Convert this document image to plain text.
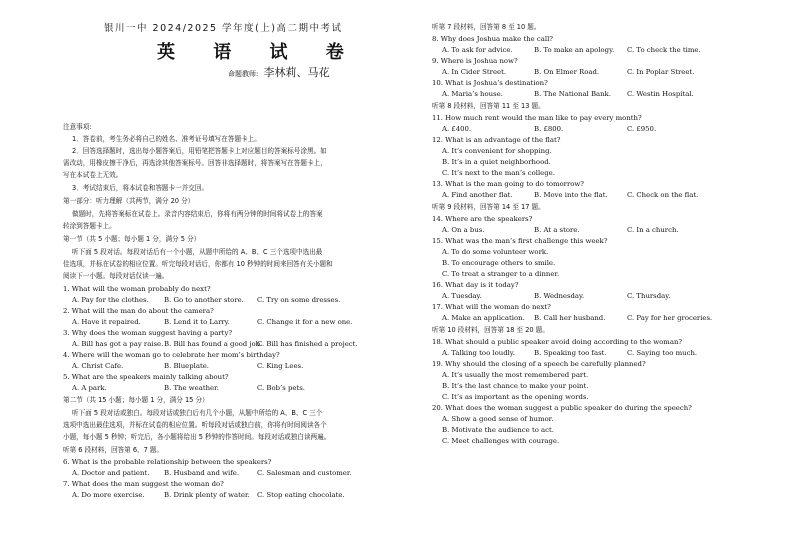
银川一中 2024/2025 学年度(上)高二期中考试
英 语 试 卷
命题教师: 李林莉、马花
注意事项:
1．答卷前，考生务必将自己的姓名、准考证号填写在答题卡上。
2．回答选择题时，选出每小题答案后，用铅笔把答题卡上对应题目的答案标号涂黑。如
需改动，用橡皮擦干净后，再选涂其他答案标号。回答非选择题时，将答案写在答题卡上，
写在本试卷上无效。
3．考试结束后，将本试卷和答题卡一并交回。
第一部分：听力理解（共两节，满分 20 分）
做题时，先将答案标在试卷上。录音内容结束后，你将有两分钟的时间将试卷上的答案
转涂到答题卡上。
第一节（共 5 小题；每小题 1 分，满分 5 分）
听下面 5 段对话。每段对话后有一个小题，从题中所给的 A、B、C 三个选项中选出最
佳选项，并标在试卷的相应位置。听完每段对话后，你都有 10 秒钟的时间来回答有关小题和
阅读下一小题。每段对话仅读一遍。
1. What will the woman probably do next?
A. Pay for the clothes. B. Go to another store. C. Try on some dresses.
2. What will the man do about the camera?
A. Have it repaired.	B. Lend it to Larry.	C. Change it for a new one.
3. Why does the woman suggest having a party?
A. Bill has got a pay raise. B. Bill has found a good job.
C. Bill has finished a project.
4. Where will the woman go to celebrate her mom’s birthday?
A. Christ Cafe.	B. Blueplate.	C. King Lees.
5. What are the speakers mainly talking about?
A. A park.	B. The weather.	C. Bob’s pets.
第二节（共 15 小题；每小题 1 分，满分 15 分）
听下面 5 段对话或独白。每段对话或独白后有几个小题，从题中所给的 A、B、C 三个
选项中选出最佳选项，并标在试卷的相应位置。听每段对话或独白前，你将有时间阅读各个
小题，每小题 5 秒钟；听完后，各小题将给出 5 秒钟的作答时间。每段对话或独白读两遍。
听第 6 段材料，回答第 6、7 题。
6. What is the probable relationship between the speakers?
A. Doctor and patient. B. Husband and wife.	C. Salesman and customer.
7. What does the man suggest the woman do?
A. Do more exercise.	B. Drink plenty of water. C. Stop eating chocolate.
听第 7 段材料，回答第 8 至 10 题。
8. Why does Joshua make the call?
A. To ask for advice.	B. To make an apology. C. To check the time.
9. Where is Joshua now?
A. In Cider Street.	B. On Elmer Road.	C. In Poplar Street.
10. What is Joshua’s destination?
A. Maria’s house.	B. The National Bank. C. Westin Hospital.
听第 8 段材料，回答第 11 至 13 题。
11. How much rent would the man like to pay every month?
A. £400.	B. £800.	C. £950.
12. What is an advantage of the flat?
A. It’s convenient for shopping.
B. It’s in a quiet neighborhood.
C. It’s next to the man’s college.
13. What is the man going to do tomorrow?
A. Find another flat.	B. Move into the flat.	C. Check on the flat.
听第 9 段材料，回答第 14 至 17 题。
14. Where are the speakers?
A. On a bus.	B. At a store.	C. In a church.
15. What was the man’s first challenge this week?
A. To do some volunteer work.
B. To encourage others to smile.
C. To treat a stranger to a dinner.
16. What day is it today?
A. Tuesday.	B. Wednesday.	C. Thursday.
17. What will the woman do next?
A. Make an application. B. Call her husband.	C. Pay for her groceries.
听第 10 段材料，回答第 18 至 20 题。
18. What should a public speaker avoid doing according to the woman?
A. Talking too loudly.	B. Speaking too fast.	C. Saying too much.
19. Why should the closing of a speech be carefully planned?
A. It’s usually the most remembered part.
B. It’s the last chance to make your point.
C. It’s as important as the opening words.
20. What does the woman suggest a public speaker do during the speech?
A. Show a good sense of humor.
B. Motivate the audience to act.
C. Meet challenges with courage.
